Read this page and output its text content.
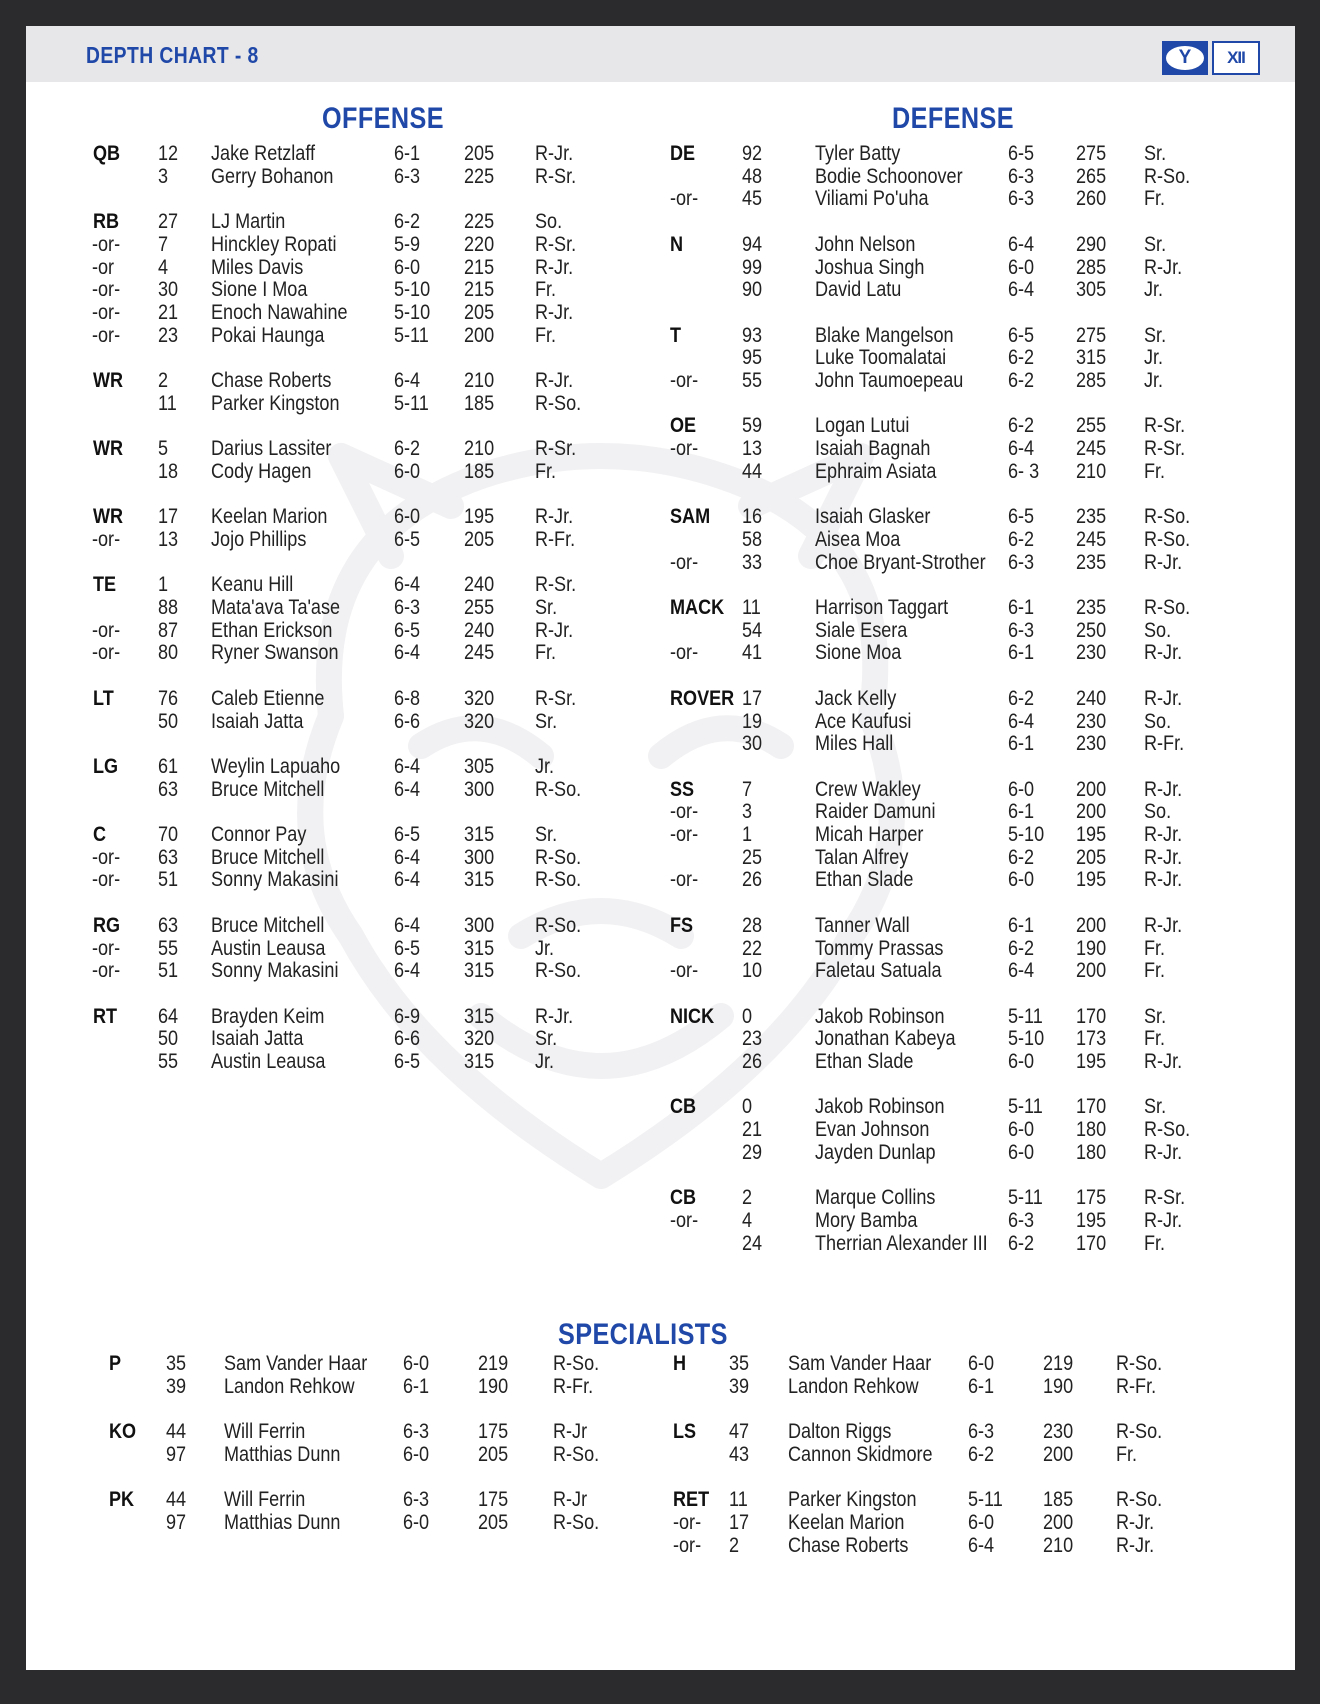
DEPTH CHART - 8	Y	XII
OFFENSE	DEFENSE
SPECIALISTS
QB 12 Jake Retzlaff	6-1 205 R-Jr.
3 Gerry Bohanon	6-3 225 R-Sr.
RB 27 LJ Martin	6-2 225 So.
-or- 7 Hinckley Ropati	5-9 220 R-Sr.
-or 4 Miles Davis	6-0 215 R-Jr.
-or- 30 Sione I Moa	5-10 215 Fr.
-or- 21 Enoch Nawahine 5-10 205 R-Jr.
-or- 23 Pokai Haunga	5-11 200 Fr.
WR 2 Chase Roberts	6-4 210 R-Jr.
11 Parker Kingston	5-11 185 R-So.
WR 5 Darius Lassiter	6-2 210 R-Sr.
18 Cody Hagen	6-0 185 Fr.
WR 17 Keelan Marion	6-0 195 R-Jr.
-or- 13 Jojo Phillips	6-5 205 R-Fr.
TE 1 Keanu Hill	6-4 240 R-Sr.
88 Mata'ava Ta'ase	6-3 255 Sr.
-or- 87 Ethan Erickson	6-5 240 R-Jr.
-or- 80 Ryner Swanson	6-4 245 Fr.
LT 76 Caleb Etienne	6-8 320 R-Sr.
50 Isaiah Jatta	6-6 320 Sr.
LG 61 Weylin Lapuaho	6-4 305 Jr.
63 Bruce Mitchell	6-4 300 R-So.
C 70 Connor Pay	6-5 315 Sr.
-or- 63 Bruce Mitchell	6-4 300 R-So.
-or- 51 Sonny Makasini	6-4 315 R-So.
RG 63 Bruce Mitchell	6-4 300 R-So.
-or- 55 Austin Leausa	6-5 315 Jr.
-or- 51 Sonny Makasini	6-4 315 R-So.
RT 64 Brayden Keim	6-9 315 R-Jr.
50 Isaiah Jatta	6-6 320 Sr.
55 Austin Leausa	6-5 315 Jr.
DE 92	Tyler Batty	6-5 275 Sr.
48	Bodie Schoonover 6-3 265 R-So.
-or- 45	Viliami Po'uha	6-3 260 Fr.
N	94	John Nelson	6-4 290 Sr.
99	Joshua Singh	6-0 285 R-Jr.
90	David Latu	6-4 305 Jr.
T	93	Blake Mangelson	6-5 275 Sr.
95	Luke Toomalatai	6-2 315 Jr.
-or- 55	John Taumoepeau 6-2 285 Jr.
OE 59	Logan Lutui	6-2 255 R-Sr.
-or- 13	Isaiah Bagnah	6-4 245 R-Sr.
44	Ephraim Asiata	6- 3 210 Fr.
SAM 16	Isaiah Glasker	6-5 235 R-So.
58	Aisea Moa	6-2 245 R-So.
-or- 33	Choe Bryant-Strother 6-3 235 R-Jr.
MACK 11	Harrison Taggart	6-1 235 R-So.
54	Siale Esera	6-3 250 So.
-or- 41	Sione Moa	6-1 230 R-Jr.
ROVER 17	Jack Kelly	6-2 240 R-Jr.
19	Ace Kaufusi	6-4 230 So.
30	Miles Hall	6-1 230 R-Fr.
SS 7	Crew Wakley	6-0 200 R-Jr.
-or- 3	Raider Damuni	6-1 200 So.
-or- 1	Micah Harper	5-10 195 R-Jr.
25	Talan Alfrey	6-2 205 R-Jr.
-or- 26	Ethan Slade	6-0 195 R-Jr.
FS 28	Tanner Wall	6-1 200 R-Jr.
22	Tommy Prassas	6-2 190 Fr.
-or- 10	Faletau Satuala	6-4 200 Fr.
NICK 0	Jakob Robinson	5-11 170 Sr.
23	Jonathan Kabeya 5-10 173 Fr.
26	Ethan Slade	6-0 195 R-Jr.
CB 0	Jakob Robinson	5-11 170 Sr.
21	Evan Johnson	6-0 180 R-So.
29	Jayden Dunlap	6-0 180 R-Jr.
CB 2	Marque Collins	5-11 175 R-Sr.
-or- 4	Mory Bamba	6-3 195 R-Jr.
24	Therrian Alexander III 6-2 170 Fr.
P 35 Sam Vander Haar 6-0 219 R-So.
39 Landon Rehkow 6-1 190 R-Fr.
KO 44 Will Ferrin	6-3 175 R-Jr
97 Matthias Dunn	6-0 205 R-So.
PK 44 Will Ferrin	6-3 175 R-Jr
97 Matthias Dunn	6-0 205 R-So.
H 35 Sam Vander Haar 6-0 219 R-So.
39 Landon Rehkow 6-1 190 R-Fr.
LS 47 Dalton Riggs	6-3 230 R-So.
43 Cannon Skidmore 6-2 200 Fr.
RET 11 Parker Kingston 5-11 185 R-So.
-or- 17 Keelan Marion	6-0 200 R-Jr.
-or- 2 Chase Roberts	6-4 210 R-Jr.
